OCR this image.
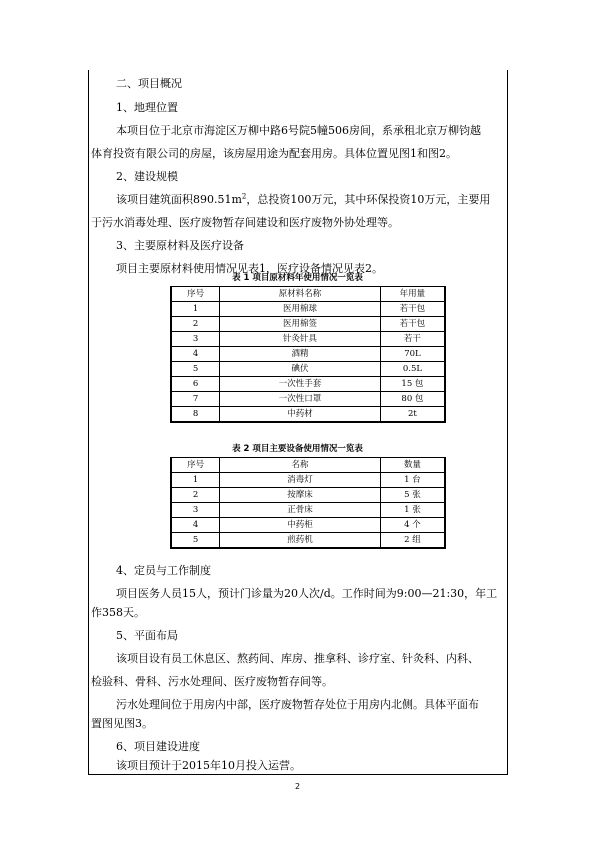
二、项目概况
1、地理位置
本项目位于北京市海淀区万柳中路6号院5幢506房间，系承租北京万柳钧越
体育投资有限公司的房屋，该房屋用途为配套用房。具体位置见图1和图2。
2、建设规模
该项目建筑面积$890.51m^2$，总投资100万元，其中环保投资10万元，主要用
于污水消毒处理、医疗废物暂存间建设和医疗废物外协处理等。
3、主要原材料及医疗设备
项目主要原材料使用情况见表1，医疗设备情况见表2。
表 1 项目原材料年使用情况一览表
序号	原材料名称	年用量
1	医用棉球	若干包
2	医用棉签	若干包
3	针灸针具	若干
4	酒精	70L
5	碘伏	0.5L
6	一次性手套	15 包
7	一次性口罩	80 包
8	中药材	2t
表 2 项目主要设备使用情况一览表
序号	名称	数量
1	消毒灯	1 台
2	按摩床	5 张
3	正骨床	1 张
4	中药柜	4 个
5	煎药机	2 组
4、定员与工作制度
项目医务人员15人，预计门诊量为20人次/d。工作时间为9:00—21:30，年工
作358天。
5、平面布局
该项目设有员工休息区、熬药间、库房、推拿科、诊疗室、针灸科、内科、
检验科、骨科、污水处理间、医疗废物暂存间等。
污水处理间位于用房内中部，医疗废物暂存处位于用房内北侧。具体平面布
置图见图3。
6、项目建设进度
该项目预计于2015年10月投入运营。
2
